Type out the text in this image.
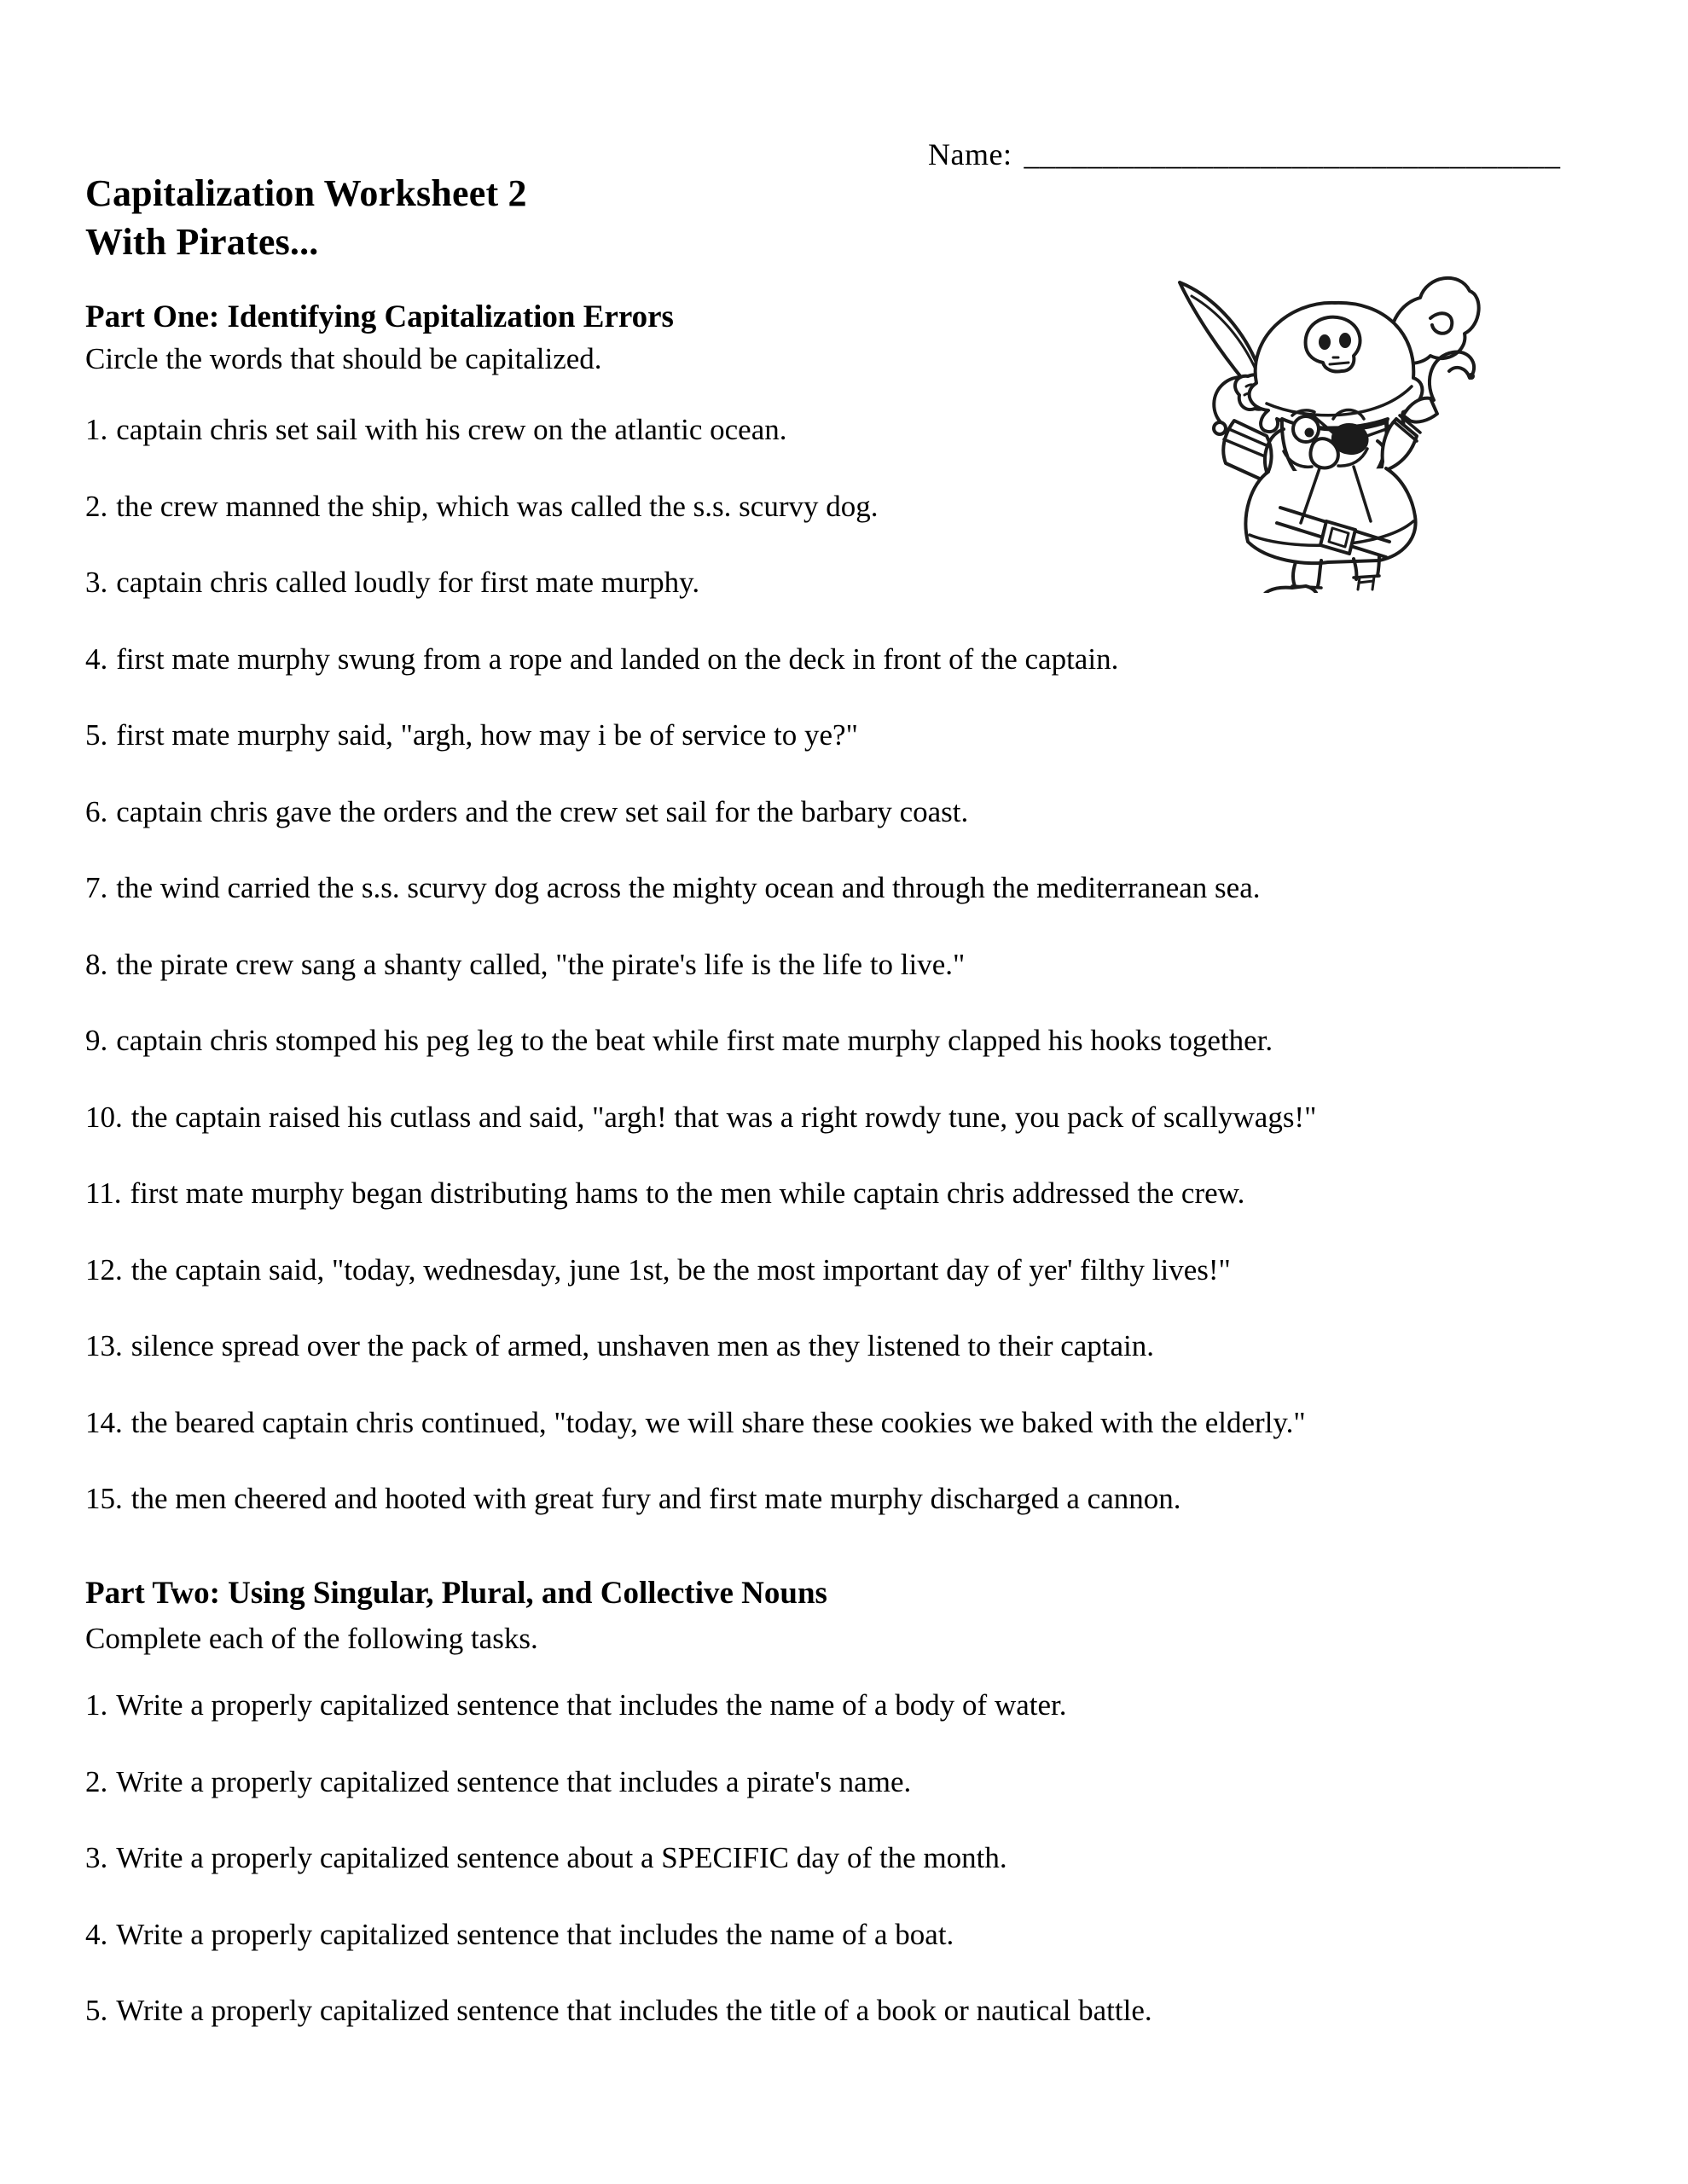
Name: __________________________________
Capitalization Worksheet 2
With Pirates...
Part One: Identifying Capitalization Errors
Circle the words that should be capitalized.
1. captain chris set sail with his crew on the atlantic ocean.
2. the crew manned the ship, which was called the s.s. scurvy dog.
3. captain chris called loudly for first mate murphy.
4. first mate murphy swung from a rope and landed on the deck in front of the captain.
5. first mate murphy said, "argh, how may i be of service to ye?"
6. captain chris gave the orders and the crew set sail for the barbary coast.
7. the wind carried the s.s. scurvy dog across the mighty ocean and through the mediterranean sea.
8. the pirate crew sang a shanty called, "the pirate's life is the life to live."
9. captain chris stomped his peg leg to the beat while first mate murphy clapped his hooks together.
10. the captain raised his cutlass and said, "argh! that was a right rowdy tune, you pack of scallywags!"
11. first mate murphy began distributing hams to the men while captain chris addressed the crew.
12. the captain said, "today, wednesday, june 1st, be the most important day of yer' filthy lives!"
13. silence spread over the pack of armed, unshaven men as they listened to their captain.
14. the beared captain chris continued, "today, we will share these cookies we baked with the elderly."
15. the men cheered and hooted with great fury and first mate murphy discharged a cannon.
Part Two: Using Singular, Plural, and Collective Nouns
Complete each of the following tasks.
1. Write a properly capitalized sentence that includes the name of a body of water.
2. Write a properly capitalized sentence that includes a pirate's name.
3. Write a properly capitalized sentence about a SPECIFIC day of the month.
4. Write a properly capitalized sentence that includes the name of a boat.
5. Write a properly capitalized sentence that includes the title of a book or nautical battle.
